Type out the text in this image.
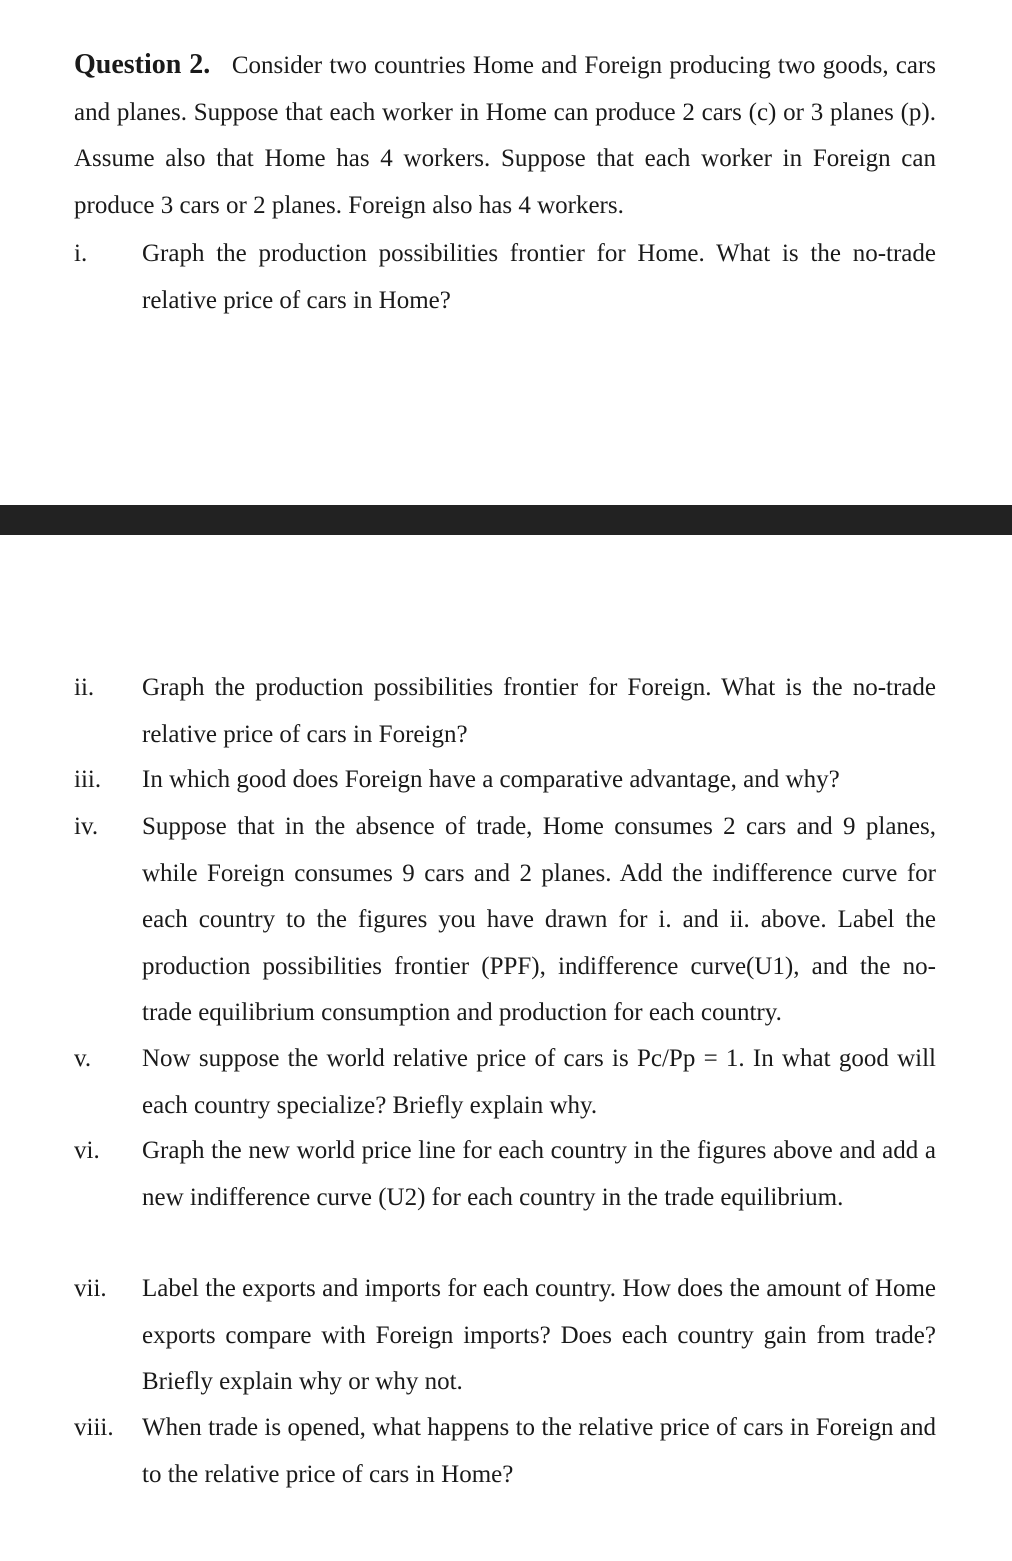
Question 2. Consider two countries Home and Foreign producing two goods, cars and planes. Suppose that each worker in Home can produce 2 cars (c) or 3 planes (p). Assume also that Home has 4 workers. Suppose that each worker in Foreign can produce 3 cars or 2 planes. Foreign also has 4 workers.
i.	Graph the production possibilities frontier for Home. What is the no-trade relative price of cars in Home?
ii.	Graph the production possibilities frontier for Foreign. What is the no-trade relative price of cars in Foreign?
iii.	In which good does Foreign have a comparative advantage, and why?
iv.	Suppose that in the absence of trade, Home consumes 2 cars and 9 planes, while Foreign consumes 9 cars and 2 planes. Add the indifference curve for each country to the figures you have drawn for i. and ii. above. Label the production possibilities frontier (PPF), indifference curve(U1), and the no-trade equilibrium consumption and production for each country.
v.	Now suppose the world relative price of cars is Pc/Pp = 1. In what good will each country specialize? Briefly explain why.
vi.	Graph the new world price line for each country in the figures above and add a new indifference curve (U2) for each country in the trade equilibrium.
vii.	Label the exports and imports for each country. How does the amount of Home exports compare with Foreign imports? Does each country gain from trade? Briefly explain why or why not.
viii.	When trade is opened, what happens to the relative price of cars in Foreign and to the relative price of cars in Home?
